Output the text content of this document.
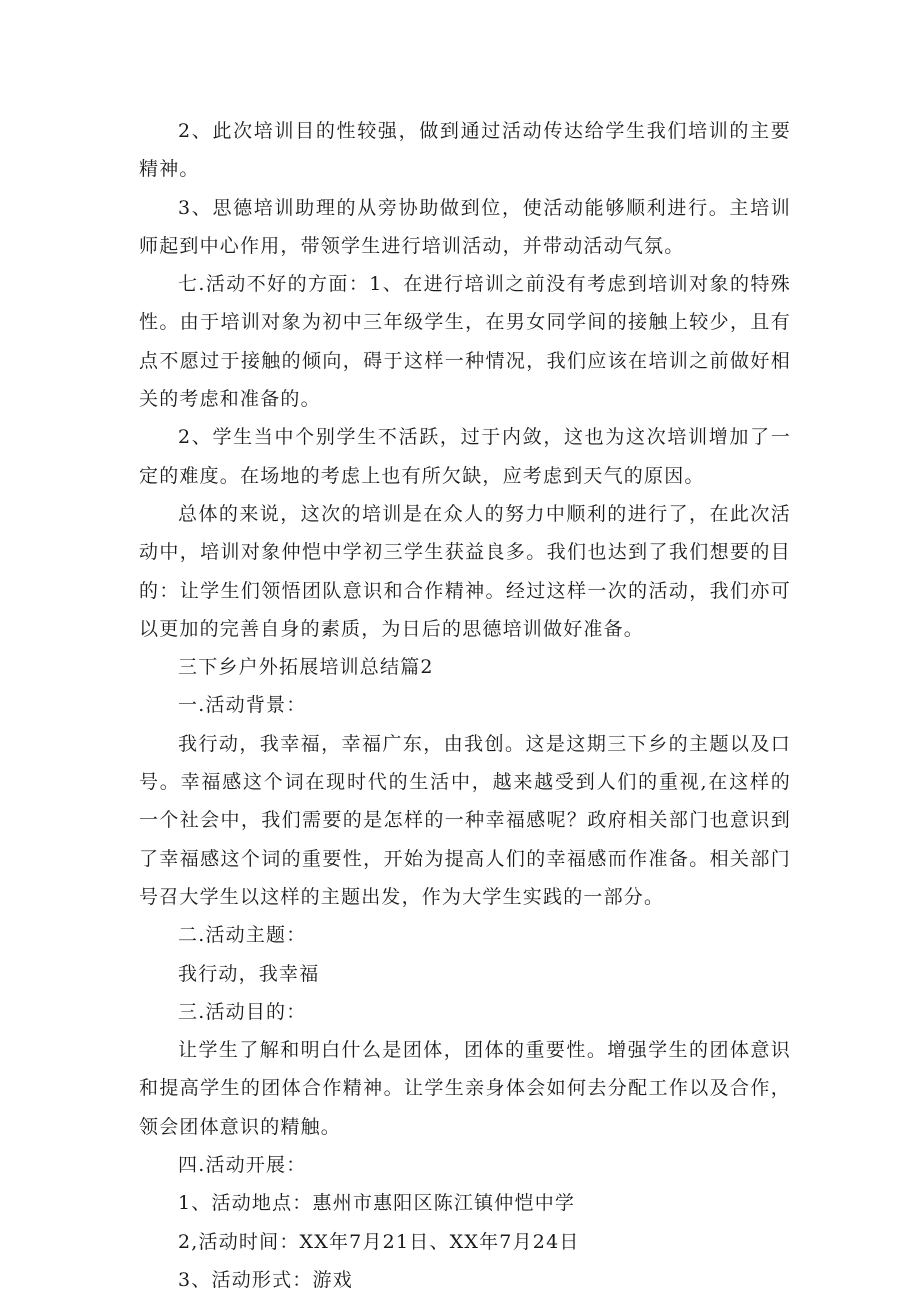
2、此次培训目的性较强，做到通过活动传达给学生我们培训的主要精神。

3、思德培训助理的从旁协助做到位，使活动能够顺利进行。主培训师起到中心作用，带领学生进行培训活动，并带动活动气氛。

七.活动不好的方面：1、在进行培训之前没有考虑到培训对象的特殊性。由于培训对象为初中三年级学生，在男女同学间的接触上较少，且有点不愿过于接触的倾向，碍于这样一种情况，我们应该在培训之前做好相关的考虑和准备的。

2、学生当中个别学生不活跃，过于内敛，这也为这次培训增加了一定的难度。在场地的考虑上也有所欠缺，应考虑到天气的原因。

总体的来说，这次的培训是在众人的努力中顺利的进行了，在此次活动中，培训对象仲恺中学初三学生获益良多。我们也达到了我们想要的目的：让学生们领悟团队意识和合作精神。经过这样一次的活动，我们亦可以更加的完善自身的素质，为日后的思德培训做好准备。

三下乡户外拓展培训总结篇2

一.活动背景：

我行动，我幸福，幸福广东，由我创。这是这期三下乡的主题以及口号。幸福感这个词在现时代的生活中，越来越受到人们的重视,在这样的一个社会中，我们需要的是怎样的一种幸福感呢？政府相关部门也意识到了幸福感这个词的重要性，开始为提高人们的幸福感而作准备。相关部门号召大学生以这样的主题出发，作为大学生实践的一部分。

二.活动主题：

我行动，我幸福

三.活动目的：

让学生了解和明白什么是团体，团体的重要性。增强学生的团体意识和提高学生的团体合作精神。让学生亲身体会如何去分配工作以及合作，领会团体意识的精触。

四.活动开展：

1、活动地点：惠州市惠阳区陈江镇仲恺中学

2,活动时间：XX年7月21日、XX年7月24日

3、活动形式：游戏
